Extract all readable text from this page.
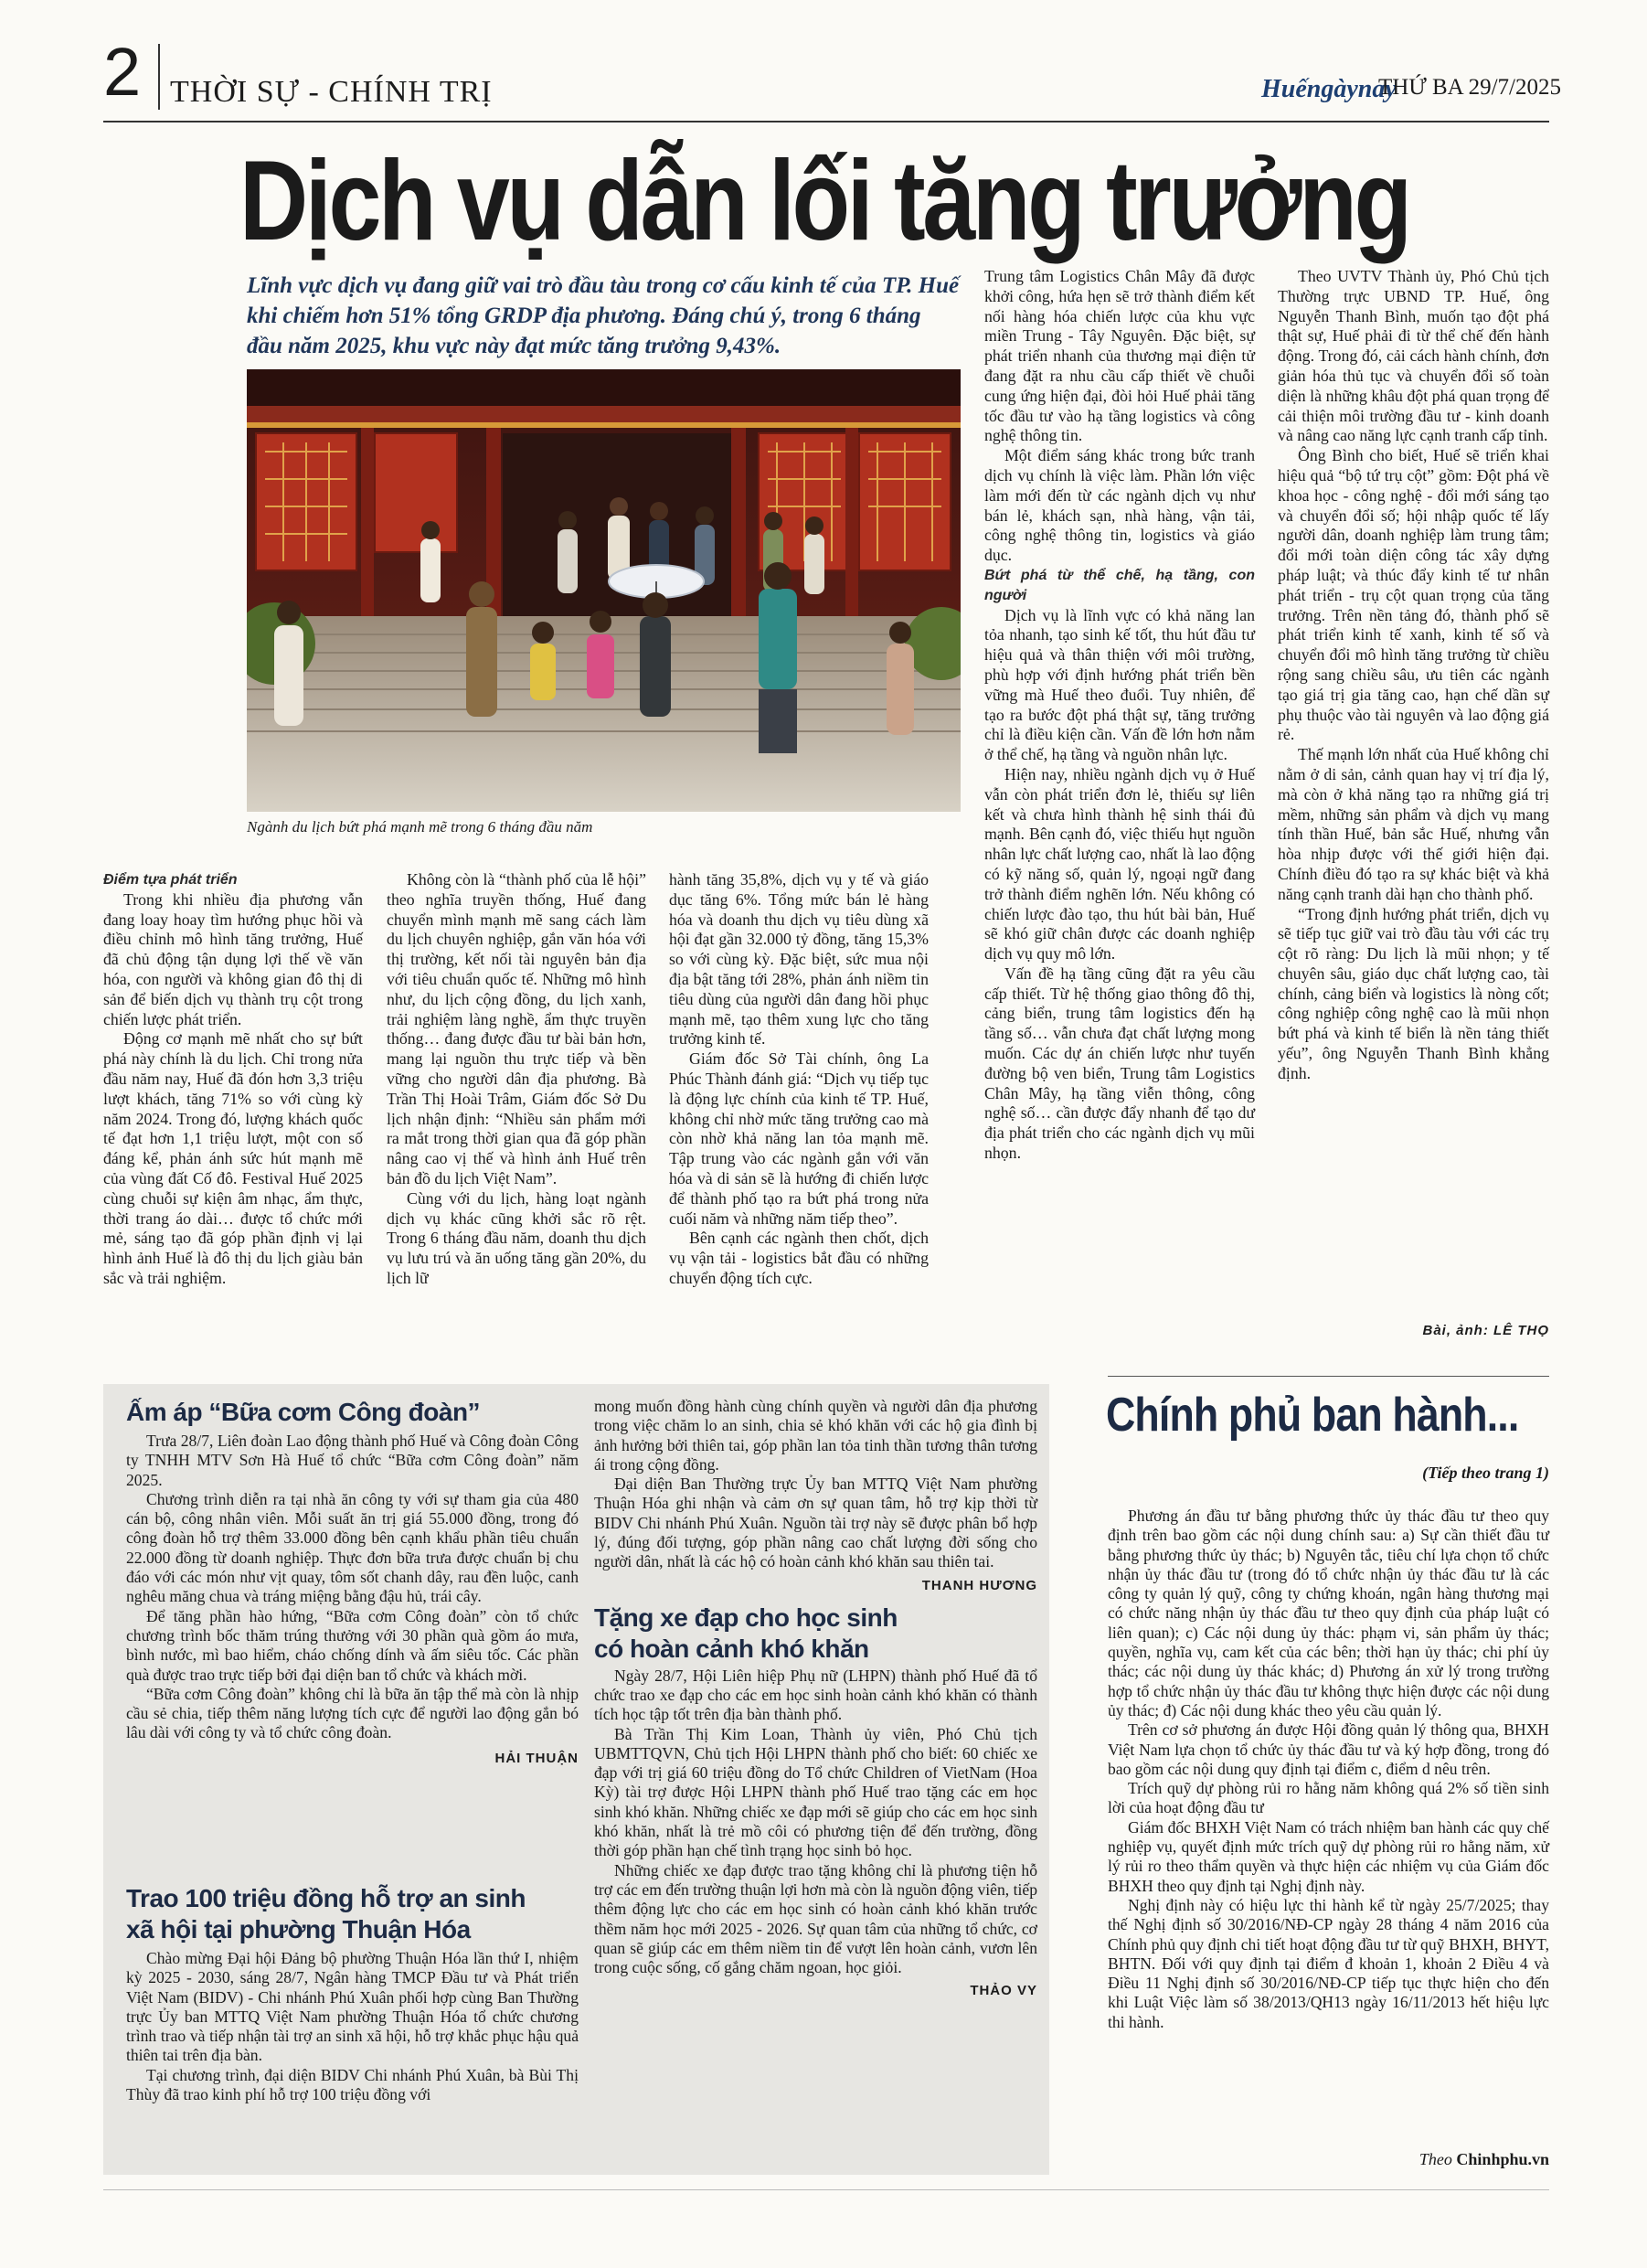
2 THỜI SỰ - CHÍNH TRỊ	Huếngàynay
THỨ BA 29/7/2025
Dịch vụ dẫn lối tăng trưởng
Lĩnh vực dịch vụ đang giữ vai trò đầu tàu trong cơ cấu kinh tế của TP. Huế khi chiếm hơn 51% tổng GRDP địa phương. Đáng chú ý, trong 6 tháng đầu năm 2025, khu vực này đạt mức tăng trưởng 9,43%.
Ngành du lịch bứt phá mạnh mẽ trong 6 tháng đầu năm
Điểm tựa phát triển

Trong khi nhiều địa phương vẫn đang loay hoay tìm hướng phục hồi và điều chỉnh mô hình tăng trưởng, Huế đã chủ động tận dụng lợi thế về văn hóa, con người và không gian đô thị di sản để biến dịch vụ thành trụ cột trong chiến lược phát triển.

Động cơ mạnh mẽ nhất cho sự bứt phá này chính là du lịch. Chỉ trong nửa đầu năm nay, Huế đã đón hơn 3,3 triệu lượt khách, tăng 71% so với cùng kỳ năm 2024. Trong đó, lượng khách quốc tế đạt hơn 1,1 triệu lượt, một con số đáng kể, phản ánh sức hút mạnh mẽ của vùng đất Cố đô. Festival Huế 2025 cùng chuỗi sự kiện âm nhạc, ẩm thực, thời trang áo dài… được tổ chức mới mẻ, sáng tạo đã góp phần định vị lại hình ảnh Huế là đô thị du lịch giàu bản sắc và trải nghiệm.

Không còn là “thành phố của lễ hội” theo nghĩa truyền thống, Huế đang chuyển mình mạnh mẽ sang cách làm du lịch chuyên nghiệp, gắn văn hóa với thị trường, kết nối tài nguyên bản địa với tiêu chuẩn quốc tế. Những mô hình như, du lịch cộng đồng, du lịch xanh, trải nghiệm làng nghề, ẩm thực truyền thống… đang được đầu tư bài bản hơn, mang lại nguồn thu trực tiếp và bền vững cho người dân địa phương. Bà Trần Thị Hoài Trâm, Giám đốc Sở Du lịch nhận định: “Nhiều sản phẩm mới ra mắt trong thời gian qua đã góp phần nâng cao vị thế và hình ảnh Huế trên bản đồ du lịch Việt Nam”.

Cùng với du lịch, hàng loạt ngành dịch vụ khác cũng khởi sắc rõ rệt. Trong 6 tháng đầu năm, doanh thu dịch vụ lưu trú và ăn uống tăng gần 20%, du lịch lữ

hành tăng 35,8%, dịch vụ y tế và giáo dục tăng 6%. Tổng mức bán lẻ hàng hóa và doanh thu dịch vụ tiêu dùng xã hội đạt gần 32.000 tỷ đồng, tăng 15,3% so với cùng kỳ. Đặc biệt, sức mua nội địa bật tăng tới 28%, phản ánh niềm tin tiêu dùng của người dân đang hồi phục mạnh mẽ, tạo thêm xung lực cho tăng trưởng kinh tế.

Giám đốc Sở Tài chính, ông La Phúc Thành đánh giá: “Dịch vụ tiếp tục là động lực chính của kinh tế TP. Huế, không chỉ nhờ mức tăng trưởng cao mà còn nhờ khả năng lan tỏa mạnh mẽ. Tập trung vào các ngành gắn với văn hóa và di sản sẽ là hướng đi chiến lược để thành phố tạo ra bứt phá trong nửa cuối năm và những năm tiếp theo”.

Bên cạnh các ngành then chốt, dịch vụ vận tải - logistics bắt đầu có những chuyển động tích cực.

Trung tâm Logistics Chân Mây đã được khởi công, hứa hẹn sẽ trở thành điểm kết nối hàng hóa chiến lược của khu vực miền Trung - Tây Nguyên. Đặc biệt, sự phát triển nhanh của thương mại điện tử đang đặt ra nhu cầu cấp thiết về chuỗi cung ứng hiện đại, đòi hỏi Huế phải tăng tốc đầu tư vào hạ tầng logistics và công nghệ thông tin.

Một điểm sáng khác trong bức tranh dịch vụ chính là việc làm. Phần lớn việc làm mới đến từ các ngành dịch vụ như bán lẻ, khách sạn, nhà hàng, vận tải, công nghệ thông tin, logistics và giáo dục.

Bứt phá từ thể chế, hạ tầng, con người

Dịch vụ là lĩnh vực có khả năng lan tỏa nhanh, tạo sinh kế tốt, thu hút đầu tư hiệu quả và thân thiện với môi trường, phù hợp với định hướng phát triển bền vững mà Huế theo đuổi. Tuy nhiên, để tạo ra bước đột phá thật sự, tăng trưởng chỉ là điều kiện cần. Vấn đề lớn hơn nằm ở thể chế, hạ tầng và nguồn nhân lực.

Hiện nay, nhiều ngành dịch vụ ở Huế vẫn còn phát triển đơn lẻ, thiếu sự liên kết và chưa hình thành hệ sinh thái đủ mạnh. Bên cạnh đó, việc thiếu hụt nguồn nhân lực chất lượng cao, nhất là lao động có kỹ năng số, quản lý, ngoại ngữ đang trở thành điểm nghẽn lớn. Nếu không có chiến lược đào tạo, thu hút bài bản, Huế sẽ khó giữ chân được các doanh nghiệp dịch vụ quy mô lớn.

Vấn đề hạ tầng cũng đặt ra yêu cầu cấp thiết. Từ hệ thống giao thông đô thị, cảng biển, trung tâm logistics đến hạ tầng số… vẫn chưa đạt chất lượng mong muốn. Các dự án chiến lược như tuyến đường bộ ven biển, Trung tâm Logistics Chân Mây, hạ tầng viễn thông, công nghệ số… cần được đẩy nhanh để tạo dư địa phát triển cho các ngành dịch vụ mũi nhọn.

Theo UVTV Thành ủy, Phó Chủ tịch Thường trực UBND TP. Huế, ông Nguyễn Thanh Bình, muốn tạo đột phá thật sự, Huế phải đi từ thể chế đến hành động. Trong đó, cải cách hành chính, đơn giản hóa thủ tục và chuyển đổi số toàn diện là những khâu đột phá quan trọng để cải thiện môi trường đầu tư - kinh doanh và nâng cao năng lực cạnh tranh cấp tỉnh.

Ông Bình cho biết, Huế sẽ triển khai hiệu quả “bộ tứ trụ cột” gồm: Đột phá về khoa học - công nghệ - đổi mới sáng tạo và chuyển đổi số; hội nhập quốc tế lấy người dân, doanh nghiệp làm trung tâm; đổi mới toàn diện công tác xây dựng pháp luật; và thúc đẩy kinh tế tư nhân phát triển - trụ cột quan trọng của tăng trưởng. Trên nền tảng đó, thành phố sẽ phát triển kinh tế xanh, kinh tế số và chuyển đổi mô hình tăng trưởng từ chiều rộng sang chiều sâu, ưu tiên các ngành tạo giá trị gia tăng cao, hạn chế dần sự phụ thuộc vào tài nguyên và lao động giá rẻ.

Thế mạnh lớn nhất của Huế không chỉ nằm ở di sản, cảnh quan hay vị trí địa lý, mà còn ở khả năng tạo ra những giá trị mềm, những sản phẩm và dịch vụ mang tính thần Huế, bản sắc Huế, nhưng vẫn hòa nhịp được với thế giới hiện đại. Chính điều đó tạo ra sự khác biệt và khả năng cạnh tranh dài hạn cho thành phố.

“Trong định hướng phát triển, dịch vụ sẽ tiếp tục giữ vai trò đầu tàu với các trụ cột rõ ràng: Du lịch là mũi nhọn; y tế chuyên sâu, giáo dục chất lượng cao, tài chính, cảng biển và logistics là nòng cốt; công nghiệp công nghệ cao là mũi nhọn bứt phá và kinh tế biển là nền tảng thiết yếu”, ông Nguyễn Thanh Bình khẳng định.

Bài, ảnh: LÊ THỌ
Ấm áp “Bữa cơm Công đoàn”

Trưa 28/7, Liên đoàn Lao động thành phố Huế và Công đoàn Công ty TNHH MTV Sơn Hà Huế tổ chức “Bữa cơm Công đoàn” năm 2025.

Chương trình diễn ra tại nhà ăn công ty với sự tham gia của 480 cán bộ, công nhân viên. Mỗi suất ăn trị giá 55.000 đồng, trong đó công đoàn hỗ trợ thêm 33.000 đồng bên cạnh khẩu phần tiêu chuẩn 22.000 đồng từ doanh nghiệp. Thực đơn bữa trưa được chuẩn bị chu đáo với các món như vịt quay, tôm sốt chanh dây, rau đền luộc, canh nghêu măng chua và tráng miệng bằng đậu hủ, trái cây.

Để tăng phần hào hứng, “Bữa cơm Công đoàn” còn tổ chức chương trình bốc thăm trúng thưởng với 30 phần quà gồm áo mưa, bình nước, mì bao hiểm, cháo chống dính và ấm siêu tốc. Các phần quà được trao trực tiếp bởi đại diện ban tổ chức và khách mời.

“Bữa cơm Công đoàn” không chỉ là bữa ăn tập thể mà còn là nhịp cầu sẻ chia, tiếp thêm năng lượng tích cực để người lao động gắn bó lâu dài với công ty và tổ chức công đoàn.

HẢI THUẬN
Trao 100 triệu đồng hỗ trợ an sinh
xã hội tại phường Thuận Hóa

Chào mừng Đại hội Đảng bộ phường Thuận Hóa lần thứ I, nhiệm kỳ 2025 - 2030, sáng 28/7, Ngân hàng TMCP Đầu tư và Phát triển Việt Nam (BIDV) - Chi nhánh Phú Xuân phối hợp cùng Ban Thường trực Ủy ban MTTQ Việt Nam phường Thuận Hóa tổ chức chương trình trao và tiếp nhận tài trợ an sinh xã hội, hỗ trợ khắc phục hậu quả thiên tai trên địa bàn.

Tại chương trình, đại diện BIDV Chi nhánh Phú Xuân, bà Bùi Thị Thùy đã trao kinh phí hỗ trợ 100 triệu đồng với

mong muốn đồng hành cùng chính quyền và người dân địa phương trong việc chăm lo an sinh, chia sẻ khó khăn với các hộ gia đình bị ảnh hưởng bởi thiên tai, góp phần lan tỏa tinh thần tương thân tương ái trong cộng đồng.

Đại diện Ban Thường trực Ủy ban MTTQ Việt Nam phường Thuận Hóa ghi nhận và cảm ơn sự quan tâm, hỗ trợ kịp thời từ BIDV Chi nhánh Phú Xuân. Nguồn tài trợ này sẽ được phân bổ hợp lý, đúng đối tượng, góp phần nâng cao chất lượng đời sống cho người dân, nhất là các hộ có hoàn cảnh khó khăn sau thiên tai.

THANH HƯƠNG
Tặng xe đạp cho học sinh
có hoàn cảnh khó khăn

Ngày 28/7, Hội Liên hiệp Phụ nữ (LHPN) thành phố Huế đã tổ chức trao xe đạp cho các em học sinh hoàn cảnh khó khăn có thành tích học tập tốt trên địa bàn thành phố.

Bà Trần Thị Kim Loan, Thành ủy viên, Phó Chủ tịch UBMTTQVN, Chủ tịch Hội LHPN thành phố cho biết: 60 chiếc xe đạp với trị giá 60 triệu đồng do Tổ chức Children of VietNam (Hoa Kỳ) tài trợ được Hội LHPN thành phố Huế trao tặng các em học sinh khó khăn. Những chiếc xe đạp mới sẽ giúp cho các em học sinh khó khăn, nhất là trẻ mồ côi có phương tiện để đến trường, đồng thời góp phần hạn chế tình trạng học sinh bỏ học.

Những chiếc xe đạp được trao tặng không chỉ là phương tiện hỗ trợ các em đến trường thuận lợi hơn mà còn là nguồn động viên, tiếp thêm động lực cho các em học sinh có hoàn cảnh khó khăn trước thềm năm học mới 2025 - 2026. Sự quan tâm của những tổ chức, cơ quan sẽ giúp các em thêm niềm tin để vượt lên hoàn cảnh, vươn lên trong cuộc sống, cố gắng chăm ngoan, học giỏi.

THẢO VY
Chính phủ ban hành...
(Tiếp theo trang 1)

Phương án đầu tư bằng phương thức ủy thác đầu tư theo quy định trên bao gồm các nội dung chính sau: a) Sự cần thiết đầu tư bằng phương thức ủy thác; b) Nguyên tắc, tiêu chí lựa chọn tổ chức nhận ủy thác đầu tư (trong đó tổ chức nhận ủy thác đầu tư là các công ty quản lý quỹ, công ty chứng khoán, ngân hàng thương mại có chức năng nhận ủy thác đầu tư theo quy định của pháp luật có liên quan); c) Các nội dung ủy thác: phạm vi, sản phẩm ủy thác; quyền, nghĩa vụ, cam kết của các bên; thời hạn ủy thác; chi phí ủy thác; các nội dung ủy thác khác; d) Phương án xử lý trong trường hợp tổ chức nhận ủy thác đầu tư không thực hiện được các nội dung ủy thác; đ) Các nội dung khác theo yêu cầu quản lý.

Trên cơ sở phương án được Hội đồng quản lý thông qua, BHXH Việt Nam lựa chọn tổ chức ủy thác đầu tư và ký hợp đồng, trong đó bao gồm các nội dung quy định tại điểm c, điểm d nêu trên.

Trích quỹ dự phòng rủi ro hằng năm không quá 2% số tiền sinh lời của hoạt động đầu tư

Giám đốc BHXH Việt Nam có trách nhiệm ban hành các quy chế nghiệp vụ, quyết định mức trích quỹ dự phòng rủi ro hằng năm, xử lý rủi ro theo thẩm quyền và thực hiện các nhiệm vụ của Giám đốc BHXH theo quy định tại Nghị định này.

Nghị định này có hiệu lực thi hành kể từ ngày 25/7/2025; thay thế Nghị định số 30/2016/NĐ-CP ngày 28 tháng 4 năm 2016 của Chính phủ quy định chi tiết hoạt động đầu tư từ quỹ BHXH, BHYT, BHTN. Đối với quy định tại điểm đ khoản 1, khoản 2 Điều 4 và Điều 11 Nghị định số 30/2016/NĐ-CP tiếp tục thực hiện cho đến khi Luật Việc làm số 38/2013/QH13 ngày 16/11/2013 hết hiệu lực thi hành.

Theo Chinhphu.vn
